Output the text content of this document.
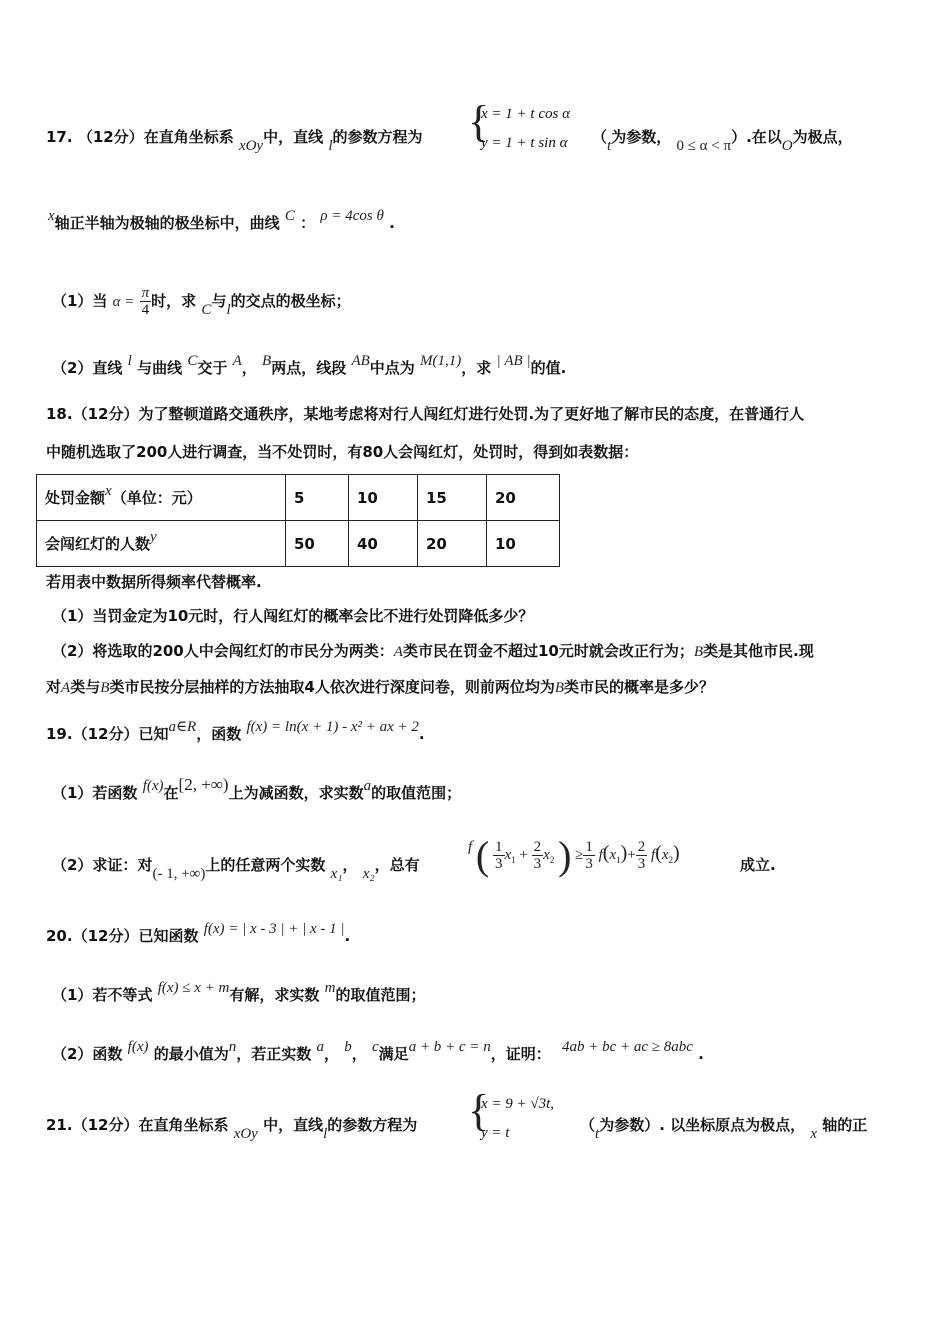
17. （12分）在直角坐标系 xOy中，直线 l的参数方程为 {
x = 1 + t cos α
y = 1 + t sin α （t为参数， 0 ≤ α < π）.在以O为极点，
x轴正半轴为极轴的极坐标中，曲线 C ： ρ = 4cos θ .
（1）当 $\alpha = \frac{\pi}{4}$ 时，求 C与l的交点的极坐标；
（2）直线 l 与曲线 C交于 A， B两点，线段 AB中点为 M(1,1)，求 | AB |的值.
18.（12分）为了整顿道路交通秩序，某地考虑将对行人闯红灯进行处罚.为了更好地了解市民的态度，在普通行人
中随机选取了200人进行调查，当不处罚时，有80人会闯红灯，处罚时，得到如表数据：
处罚金额x（单位：元）	5	10	15	20
会闯红灯的人数y	50	40	20	10
若用表中数据所得频率代替概率.
（1）当罚金定为10元时，行人闯红灯的概率会比不进行处罚降低多少？
（2）将选取的200人中会闯红灯的市民分为两类：A类市民在罚金不超过10元时就会改正行为；B类是其他市民.现
对A类与B类市民按分层抽样的方法抽取4人依次进行深度问卷，则前两位均为B类市民的概率是多少？
19.（12分）已知a∈R，函数 f(x) = ln(x + 1) - x² + ax + 2.
（1）若函数 f(x)在[2, +∞)上为减函数，求实数a的取值范围；
（2）求证：对(- 1, +∞)上的任意两个实数 x₁， x₂，总有
f ( $\frac{1}{3} x_1 + \frac{2}{3} x_2$ ) ≥ $\frac{1}{3} f(x_1)+ \frac{2}{3} f(x_2)$
成立.
20.（12分）已知函数 f(x) = | x - 3 | + | x - 1 |.
（1）若不等式 f(x) ≤ x + m有解，求实数 m的取值范围；
（2）函数 f(x) 的最小值为n，若正实数 a， b， c满足a + b + c = n，证明： 4ab + bc + ac ≥ 8abc .
21.（12分）在直角坐标系 xOy 中，直线l的参数方程为 {
x = 9 + √3t,
y = t	（t为参数）. 以坐标原点为极点， x 轴的正
